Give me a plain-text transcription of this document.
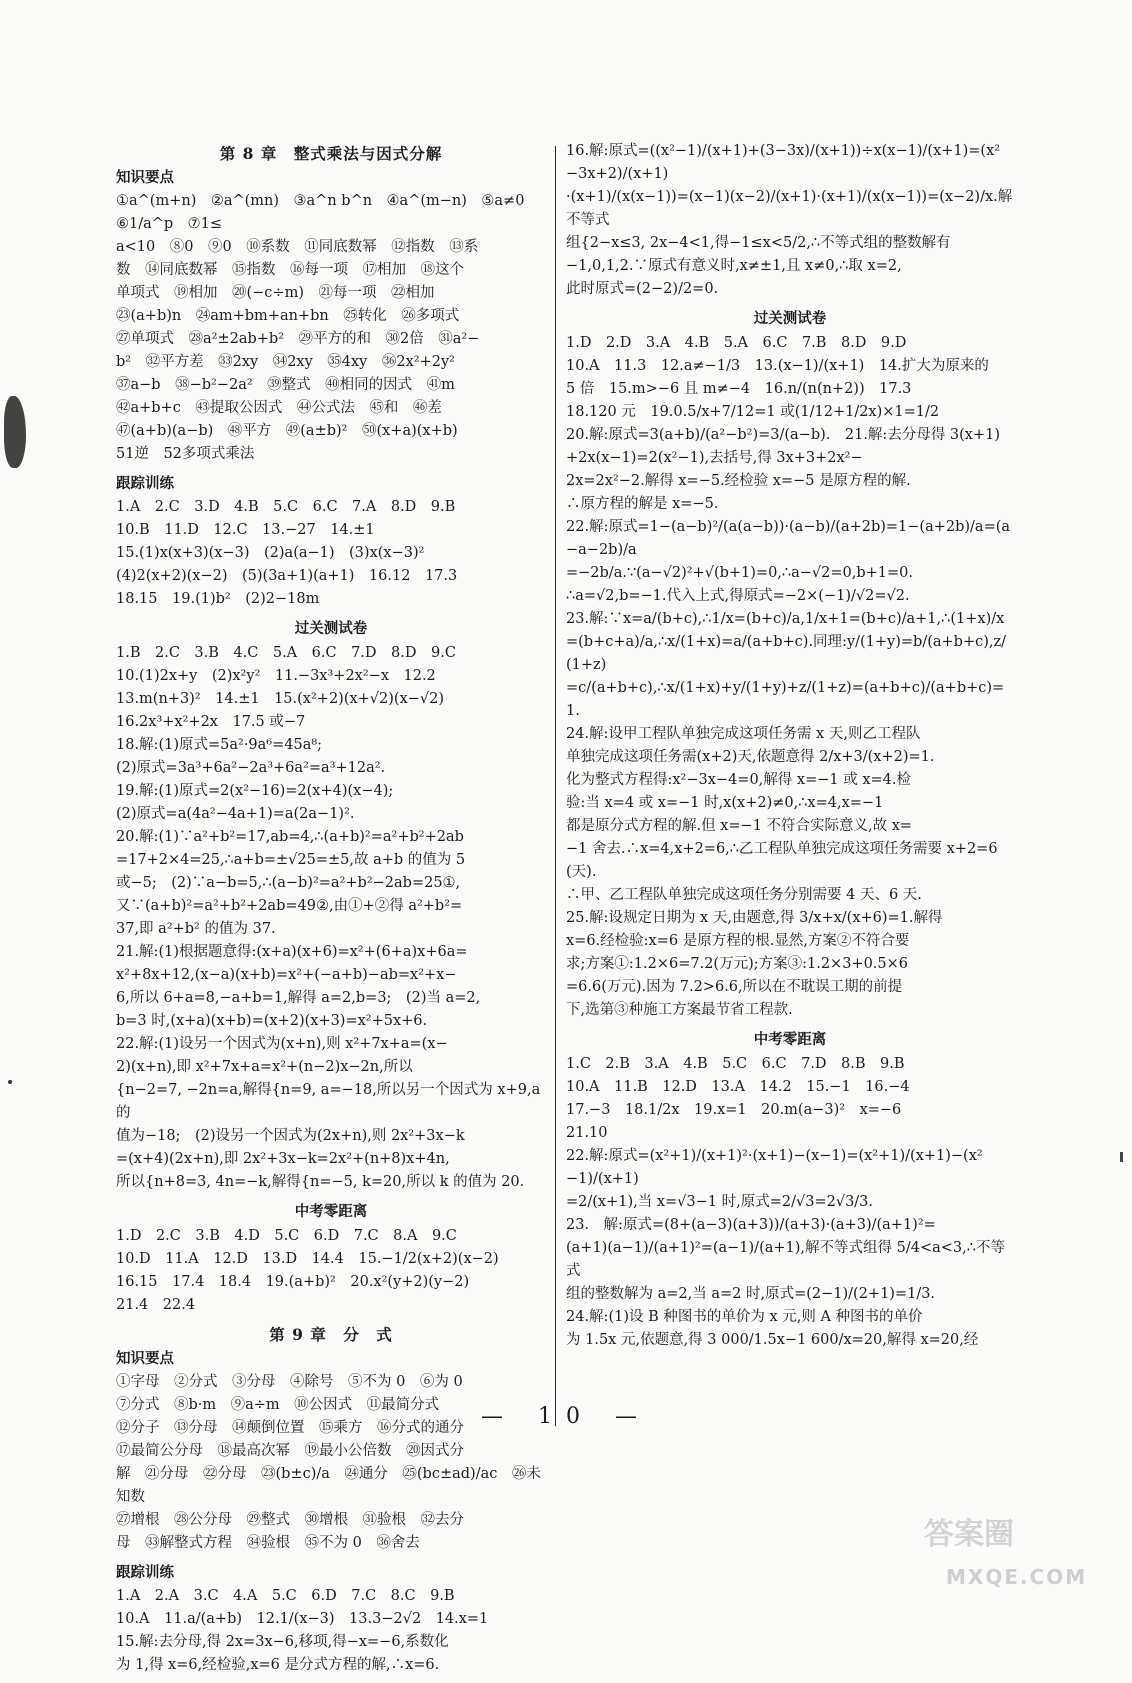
第 8 章　整式乘法与因式分解
知识要点
①a^(m+n)　②a^(mn)　③a^n b^n　④a^(m−n)　⑤a≠0　⑥1/a^p　⑦1≤
a<10　⑧0　⑨0　⑩系数　⑪同底数幂　⑫指数　⑬系
数　⑭同底数幂　⑮指数　⑯每一项　⑰相加　⑱这个
单项式　⑲相加　⑳(−c÷m)　㉑每一项　㉒相加
㉓(a+b)n　㉔am+bm+an+bn　㉕转化　㉖多项式
㉗单项式　㉘a²±2ab+b²　㉙平方的和　㉚2倍　㉛a²−
b²　㉜平方差　㉝2xy　㉞2xy　㉟4xy　㊱2x²+2y²
㊲a−b　㊳−b²−2a²　㊴整式　㊵相同的因式　㊶m
㊷a+b+c　㊸提取公因式　㊹公式法　㊺和　㊻差
㊼(a+b)(a−b)　㊽平方　㊾(a±b)²　㊿(x+a)(x+b)
51逆　52多项式乘法
跟踪训练
1.A　2.C　3.D　4.B　5.C　6.C　7.A　8.D　9.B
10.B　11.D　12.C　13.−27　14.±1
15.(1)x(x+3)(x−3)　(2)a(a−1)　(3)x(x−3)²
(4)2(x+2)(x−2)　(5)(3a+1)(a+1)　16.12　17.3
18.15　19.(1)b²　(2)2−18m
过关测试卷
1.B　2.C　3.B　4.C　5.A　6.C　7.D　8.D　9.C
10.(1)2x+y　(2)x²y²　11.−3x³+2x²−x　12.2
13.m(n+3)²　14.±1　15.(x²+2)(x+√2)(x−√2)
16.2x³+x²+2x　17.5 或−7
18.解:(1)原式=5a²·9a⁶=45a⁸;
(2)原式=3a³+6a²−2a³+6a²=a³+12a².
19.解:(1)原式=2(x²−16)=2(x+4)(x−4);
(2)原式=a(4a²−4a+1)=a(2a−1)².
20.解:(1)∵a²+b²=17,ab=4,∴(a+b)²=a²+b²+2ab
=17+2×4=25,∴a+b=±√25=±5,故 a+b 的值为 5
或−5;　(2)∵a−b=5,∴(a−b)²=a²+b²−2ab=25①,
又∵(a+b)²=a²+b²+2ab=49②,由①+②得 a²+b²=
37,即 a²+b² 的值为 37.
21.解:(1)根据题意得:(x+a)(x+6)=x²+(6+a)x+6a=
x²+8x+12,(x−a)(x+b)=x²+(−a+b)−ab=x²+x−
6,所以 6+a=8,−a+b=1,解得 a=2,b=3;　(2)当 a=2,
b=3 时,(x+a)(x+b)=(x+2)(x+3)=x²+5x+6.
22.解:(1)设另一个因式为(x+n),则 x²+7x+a=(x−
2)(x+n),即 x²+7x+a=x²+(n−2)x−2n,所以
{n−2=7, −2n=a,解得{n=9, a=−18,所以另一个因式为 x+9,a 的
值为−18;　(2)设另一个因式为(2x+n),则 2x²+3x−k
=(x+4)(2x+n),即 2x²+3x−k=2x²+(n+8)x+4n,
所以{n+8=3, 4n=−k,解得{n=−5, k=20,所以 k 的值为 20.
中考零距离
1.D　2.C　3.B　4.D　5.C　6.D　7.C　8.A　9.C
10.D　11.A　12.D　13.D　14.4　15.−1/2(x+2)(x−2)
16.15　17.4　18.4　19.(a+b)²　20.x²(y+2)(y−2)
21.4　22.4
第 9 章　分　式
知识要点
①字母　②分式　③分母　④除号　⑤不为 0　⑥为 0
⑦分式　⑧b·m　⑨a÷m　⑩公因式　⑪最简分式
⑫分子　⑬分母　⑭颠倒位置　⑮乘方　⑯分式的通分
⑰最简公分母　⑱最高次幂　⑲最小公倍数　⑳因式分
解　㉑分母　㉒分母　㉓(b±c)/a　㉔通分　㉕(bc±ad)/ac　㉖未知数
㉗增根　㉘公分母　㉙整式　㉚增根　㉛验根　㉜去分
母　㉝解整式方程　㉞验根　㉟不为 0　㊱舍去
跟踪训练
1.A　2.A　3.C　4.A　5.C　6.D　7.C　8.C　9.B
10.A　11.a/(a+b)　12.1/(x−3)　13.3−2√2　14.x=1
15.解:去分母,得 2x=3x−6,移项,得−x=−6,系数化
为 1,得 x=6,经检验,x=6 是分式方程的解,∴x=6.
16.解:原式=((x²−1)/(x+1)+(3−3x)/(x+1))÷x(x−1)/(x+1)=(x²−3x+2)/(x+1)
·(x+1)/(x(x−1))=(x−1)(x−2)/(x+1)·(x+1)/(x(x−1))=(x−2)/x.解不等式
组{2−x≤3, 2x−4<1,得−1≤x<5/2,∴不等式组的整数解有
−1,0,1,2.∵原式有意义时,x≠±1,且 x≠0,∴取 x=2,
此时原式=(2−2)/2=0.
过关测试卷
1.D　2.D　3.A　4.B　5.A　6.C　7.B　8.D　9.D
10.A　11.3　12.a≠−1/3　13.(x−1)/(x+1)　14.扩大为原来的
5 倍　15.m>−6 且 m≠−4　16.n/(n(n+2))　17.3
18.120 元　19.0.5/x+7/12=1 或(1/12+1/2x)×1=1/2
20.解:原式=3(a+b)/(a²−b²)=3/(a−b).　21.解:去分母得 3(x+1)
+2x(x−1)=2(x²−1),去括号,得 3x+3+2x²−
2x=2x²−2.解得 x=−5.经检验 x=−5 是原方程的解.
∴原方程的解是 x=−5.
22.解:原式=1−(a−b)²/(a(a−b))·(a−b)/(a+2b)=1−(a+2b)/a=(a−a−2b)/a
=−2b/a.∵(a−√2)²+√(b+1)=0,∴a−√2=0,b+1=0.
∴a=√2,b=−1.代入上式,得原式=−2×(−1)/√2=√2.
23.解:∵x=a/(b+c),∴1/x=(b+c)/a,1/x+1=(b+c)/a+1,∴(1+x)/x
=(b+c+a)/a,∴x/(1+x)=a/(a+b+c).同理:y/(1+y)=b/(a+b+c),z/(1+z)
=c/(a+b+c),∴x/(1+x)+y/(1+y)+z/(1+z)=(a+b+c)/(a+b+c)=1.
24.解:设甲工程队单独完成这项任务需 x 天,则乙工程队
单独完成这项任务需(x+2)天,依题意得 2/x+3/(x+2)=1.
化为整式方程得:x²−3x−4=0,解得 x=−1 或 x=4.检
验:当 x=4 或 x=−1 时,x(x+2)≠0,∴x=4,x=−1
都是原分式方程的解.但 x=−1 不符合实际意义,故 x=
−1 舍去.∴x=4,x+2=6,∴乙工程队单独完成这项任务需要 x+2=6(天).
∴甲、乙工程队单独完成这项任务分别需要 4 天、6 天.
25.解:设规定日期为 x 天,由题意,得 3/x+x/(x+6)=1.解得
x=6.经检验:x=6 是原方程的根.显然,方案②不符合要
求;方案①:1.2×6=7.2(万元);方案③:1.2×3+0.5×6
=6.6(万元).因为 7.2>6.6,所以在不耽误工期的前提
下,选第③种施工方案最节省工程款.
中考零距离
1.C　2.B　3.A　4.B　5.C　6.C　7.D　8.B　9.B
10.A　11.B　12.D　13.A　14.2　15.−1　16.−4
17.−3　18.1/2x　19.x=1　20.m(a−3)²　x=−6
21.10
22.解:原式=(x²+1)/(x+1)²·(x+1)−(x−1)=(x²+1)/(x+1)−(x²−1)/(x+1)
=2/(x+1),当 x=√3−1 时,原式=2/√3=2√3/3.
23.　解:原式=(8+(a−3)(a+3))/(a+3)·(a+3)/(a+1)²=
(a+1)(a−1)/(a+1)²=(a−1)/(a+1),解不等式组得 5/4<a<3,∴不等式
组的整数解为 a=2,当 a=2 时,原式=(2−1)/(2+1)=1/3.
24.解:(1)设 B 种图书的单价为 x 元,则 A 种图书的单价
为 1.5x 元,依题意,得 3 000/1.5x−1 600/x=20,解得 x=20,经
— 10 —
答案圈
MXQE.COM
